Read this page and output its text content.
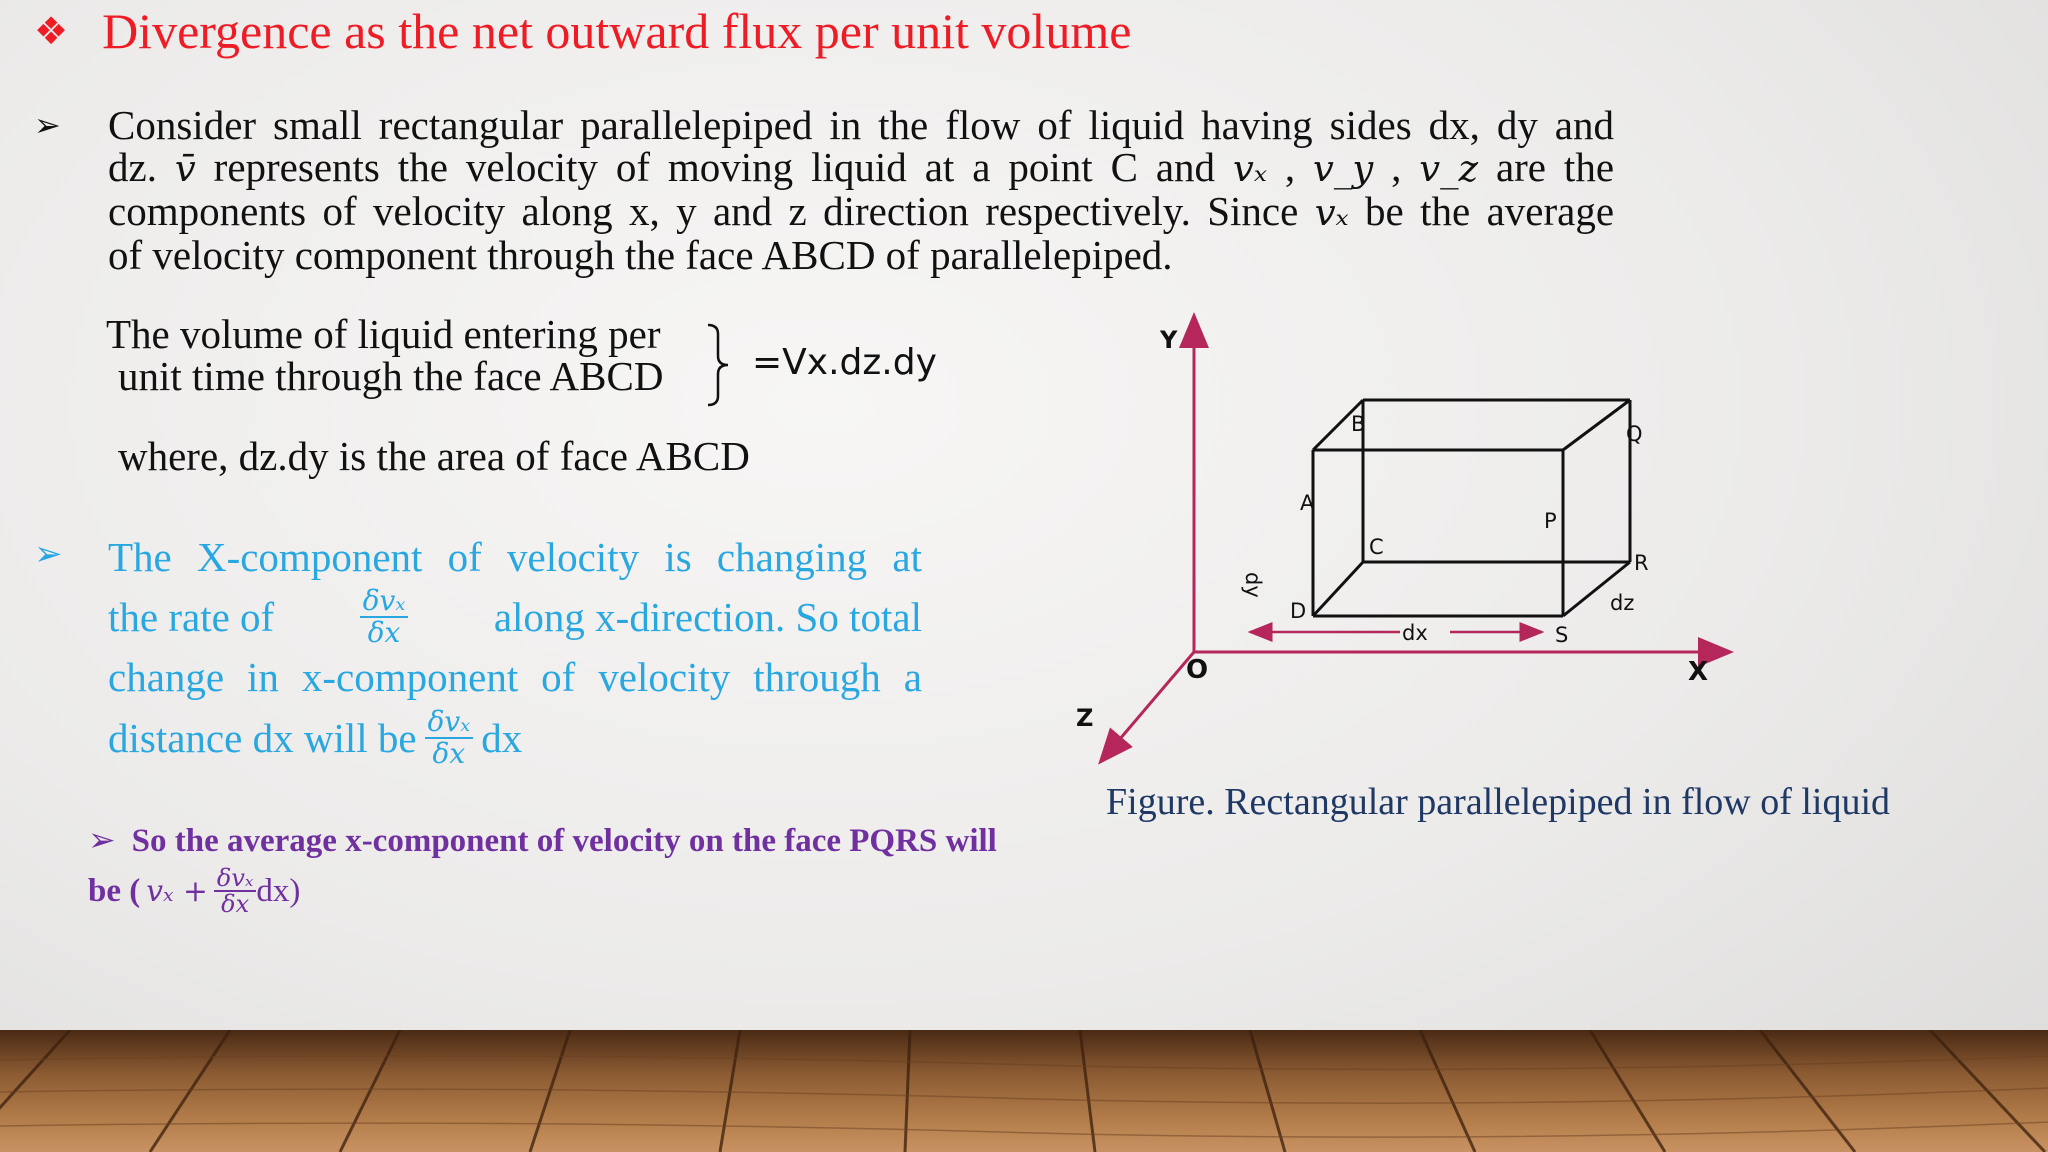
❖ Divergence as the net outward flux per unit volume
➢ Consider small rectangular parallelepiped in the flow of liquid having sides dx, dy and
dz. v̄ represents the velocity of moving liquid at a point C and vₓ , v_y , v_z are the
components of velocity along x, y and z direction respectively. Since vₓ be the average
of velocity component through the face ABCD of parallelepiped.
The volume of liquid entering per
unit time through the face ABCD =Vx.dz.dy
where, dz.dy is the area of face ABCD
➢ The X-component of velocity is changing at
the rate of	$\frac{\text{δvₓ}}{\delta x}$ along x-direction. So total
change in x-component of velocity through a
distance dx will be $\frac{\text{δvₓ}}{\delta x}$ dx
➢ So the average x-component of velocity on the face PQRS will
be ( $v_x + \frac{\text{δvₓ}}{\delta x} dx$)
Y
X
Z
O
dx
dz
dy
A
B
C
D
P
Q
R
S
Figure. Rectangular parallelepiped in flow of liquid
